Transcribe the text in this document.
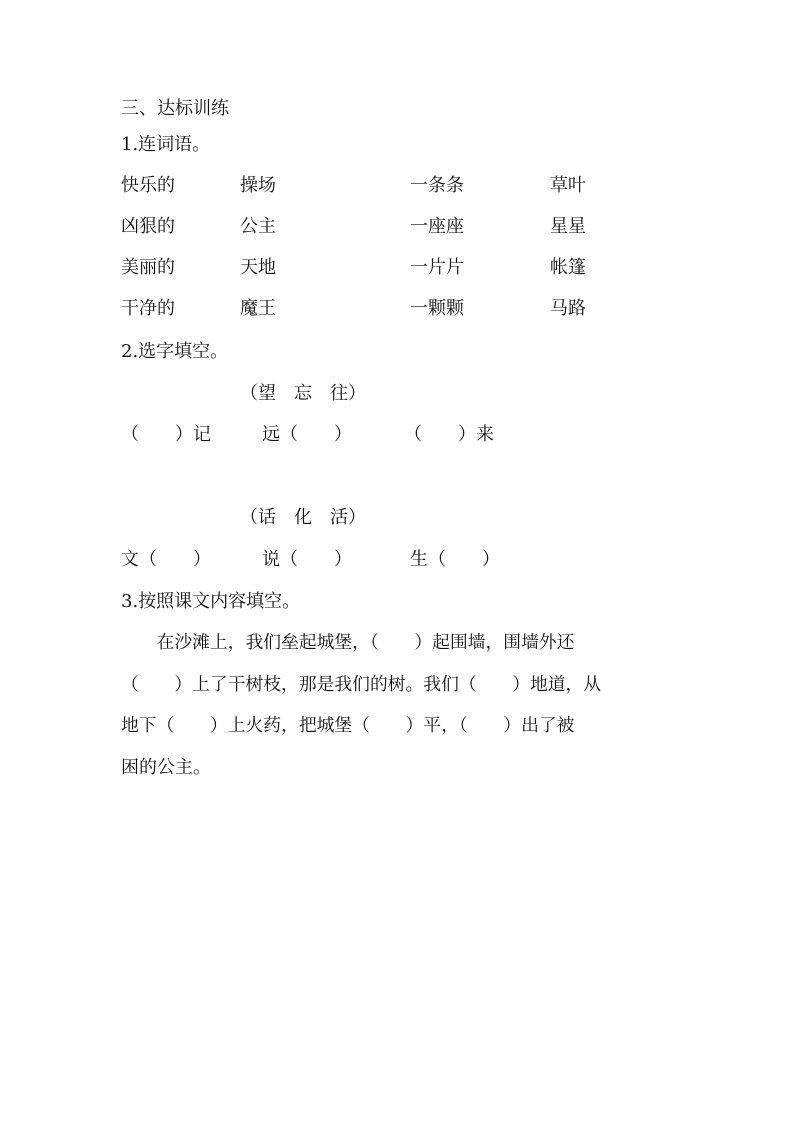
三、达标训练
1.连词语。
快乐的	操场	一条条	草叶
凶狠的	公主	一座座	星星
美丽的	天地	一片片	帐篷
干净的	魔王	一颗颗	马路
2.选字填空。
（望　忘　往）
（　　）记	远（　　）	（　　）来
（话　化　活）
文（　　）	说（　　）	生（　　）
3.按照课文内容填空。
　　在沙滩上，我们垒起城堡，（　　）起围墙，围墙外还
（　　）上了干树枝，那是我们的树。我们（　　）地道，从
地下（　　）上火药，把城堡（　　）平，（　　）出了被
困的公主。
